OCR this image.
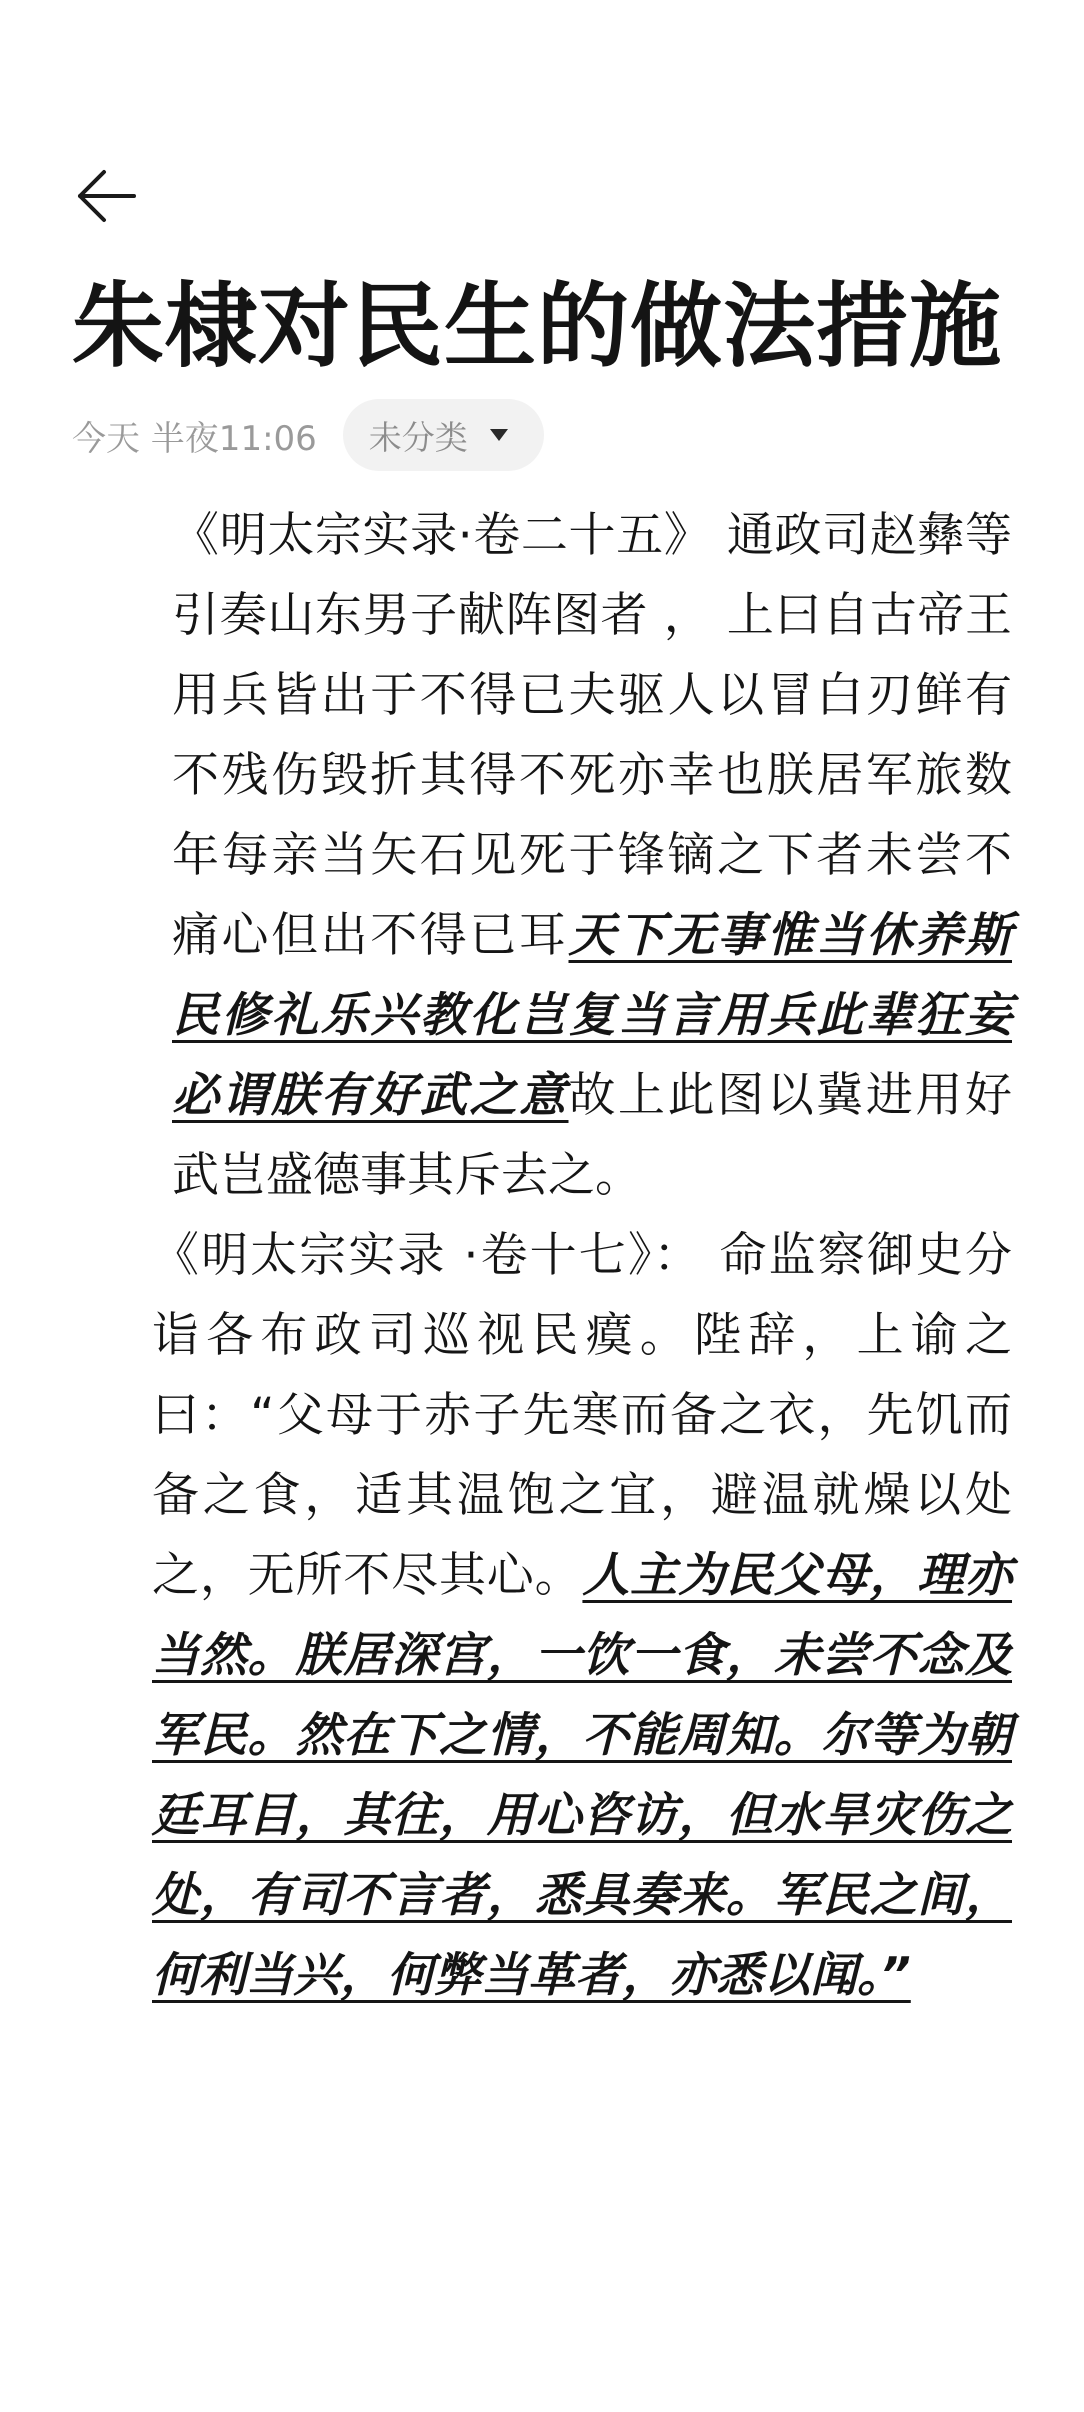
朱棣对民生的做法措施
今天 半夜11:06 未分类

《明太宗实录·卷二十五》 通政司赵彝等引奏山东男子献阵图者 ， 上曰自古帝王用兵皆出于不得已夫驱人以冒白刃鲜有不残伤毁折其得不死亦幸也朕居军旅数年每亲当矢石见死于锋镝之下者未尝不痛心但出不得已耳天下无事惟当休养斯民修礼乐兴教化岂复当言用兵此辈狂妄必谓朕有好武之意故上此图以冀进用好武岂盛德事其斥去之。

《明太宗实录 ·卷十七》： 命监察御史分诣各布政司巡视民瘼。陛辞，上谕之曰：“父母于赤子先寒而备之衣，先饥而备之食，适其温饱之宜，避温就燥以处之，无所不尽其心。人主为民父母，理亦当然。朕居深宫，一饮一食，未尝不念及军民。然在下之情，不能周知。尔等为朝廷耳目，其往，用心咨访，但水旱灾伤之处，有司不言者，悉具奏来。军民之间，何利当兴，何弊当革者，亦悉以闻。”
